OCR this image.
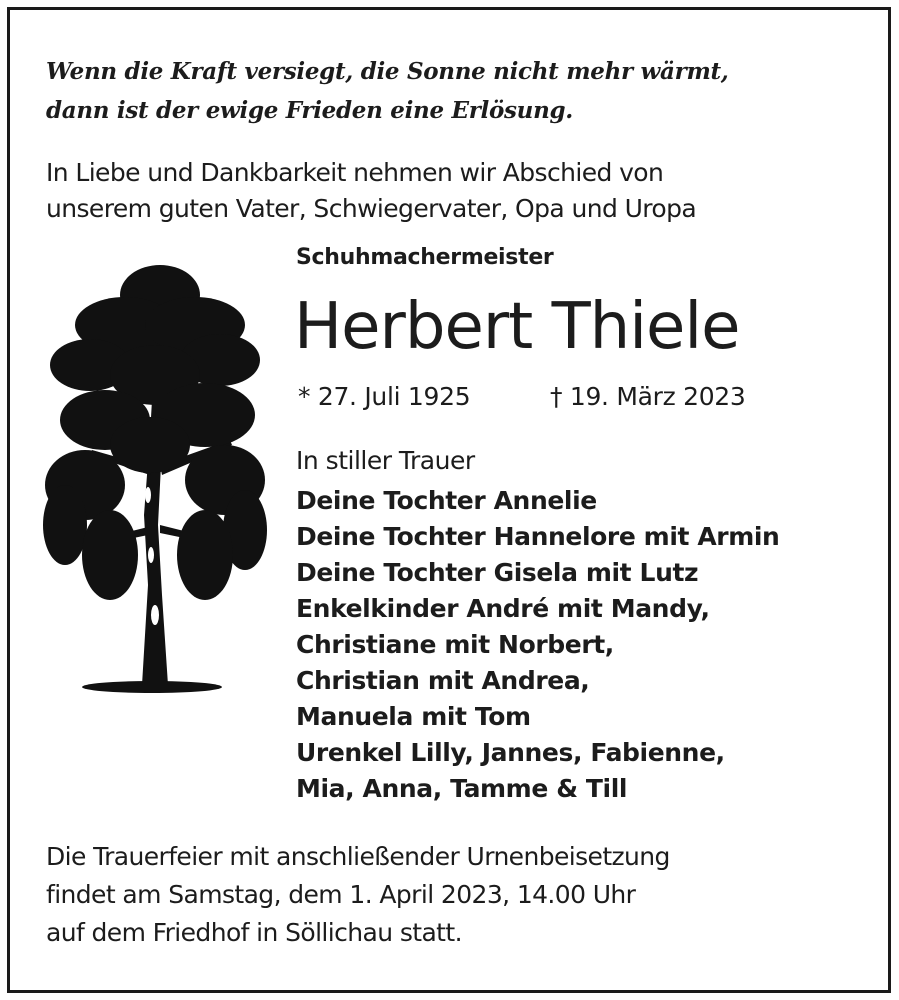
Wenn die Kraft versiegt, die Sonne nicht mehr wärmt,
dann ist der ewige Frieden eine Erlösung.
In Liebe und Dankbarkeit nehmen wir Abschied von
unserem guten Vater, Schwiegervater, Opa und Uropa
Schuhmachermeister
Herbert Thiele
* 27. Juli 1925	† 19. März 2023
In stiller Trauer
Deine Tochter Annelie
Deine Tochter Hannelore mit Armin
Deine Tochter Gisela mit Lutz
Enkelkinder André mit Mandy,
Christiane mit Norbert,
Christian mit Andrea,
Manuela mit Tom
Urenkel Lilly, Jannes, Fabienne,
Mia, Anna, Tamme & Till
Die Trauerfeier mit anschließender Urnenbeisetzung
findet am Samstag, dem 1. April 2023, 14.00 Uhr
auf dem Friedhof in Söllichau statt.
